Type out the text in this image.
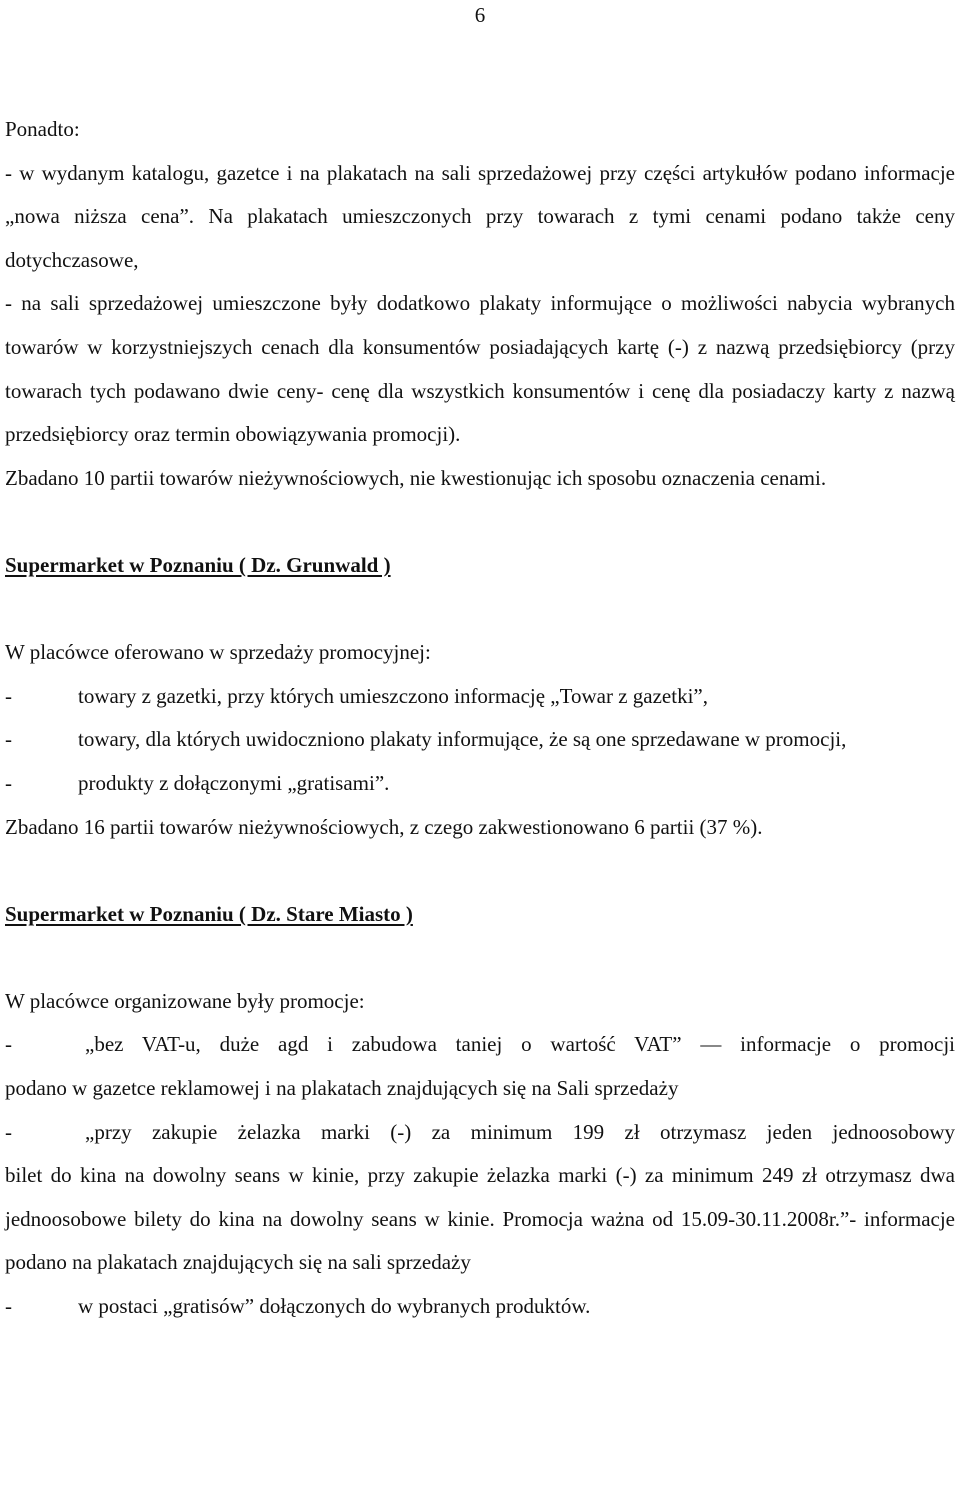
6

Ponadto:

- w wydanym katalogu, gazetce i na plakatach na sali sprzedażowej przy części artykułów podano informacje „nowa niższa cena”. Na plakatach umieszczonych przy towarach z tymi cenami podano także ceny dotychczasowe,

- na sali sprzedażowej umieszczone były dodatkowo plakaty informujące o możliwości nabycia wybranych towarów w korzystniejszych cenach dla konsumentów posiadających kartę (-) z nazwą przedsiębiorcy (przy towarach tych podawano dwie ceny- cenę dla wszystkich konsumentów i cenę dla posiadaczy karty z nazwą przedsiębiorcy oraz termin obowiązywania promocji).

Zbadano 10 partii towarów nieżywnościowych, nie kwestionując ich sposobu oznaczenia cenami.

Supermarket w Poznaniu ( Dz. Grunwald )

W placówce oferowano w sprzedaży promocyjnej:

-	towary z gazetki, przy których umieszczono informację „Towar z gazetki”,
-	towary, dla których uwidoczniono plakaty informujące, że są one sprzedawane w promocji,
-	produkty z dołączonymi „gratisami”.

Zbadano 16 partii towarów nieżywnościowych, z czego zakwestionowano 6 partii (37 %).

Supermarket w Poznaniu ( Dz. Stare Miasto )

W placówce organizowane były promocje:

-	„bez VAT-u, duże agd i zabudowa taniej o wartość VAT” — informacje o promocji

podano w gazetce reklamowej i na plakatach znajdujących się na Sali sprzedaży

-	„przy zakupie żelazka marki (-) za minimum 199 zł otrzymasz jeden jednoosobowy

bilet do kina na dowolny seans w kinie, przy zakupie żelazka marki (-) za minimum 249 zł otrzymasz dwa jednoosobowe bilety do kina na dowolny seans w kinie. Promocja ważna od 15.09-30.11.2008r.”- informacje podano na plakatach znajdujących się na sali sprzedaży

-	w postaci „gratisów” dołączonych do wybranych produktów.
